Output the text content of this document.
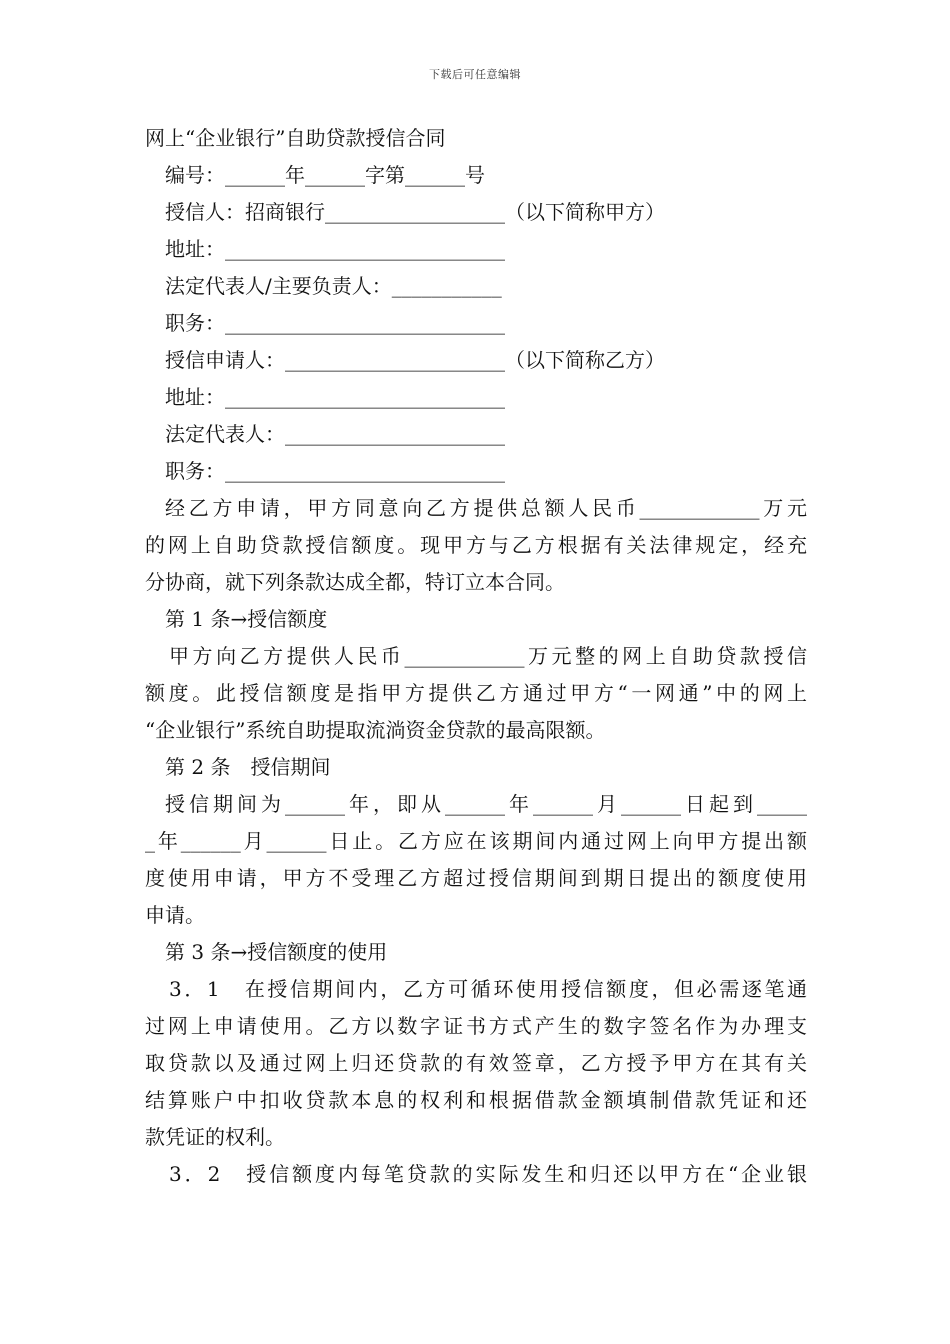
下载后可任意编辑
网上“企业银行”自助贷款授信合同
编号：______年______字第______号
授信人：招商银行__________________（以下简称甲方）
地址：____________________________
法定代表人/主要负责人：___________
职务：____________________________
授信申请人：______________________（以下简称乙方）
地址：____________________________
法定代表人：______________________
职务：____________________________
经乙方申请，甲方同意向乙方提供总额人民币____________万元
的网上自助贷款授信额度。现甲方与乙方根据有关法律规定，经充
分协商，就下列条款达成全都，特订立本合同。
第 1 条→授信额度
甲方向乙方提供人民币____________万元整的网上自助贷款授信
额度。此授信额度是指甲方提供乙方通过甲方“一网通”中的网上
“企业银行”系统自助提取流淌资金贷款的最高限额。
第 2 条　授信期间
授信期间为______年，即从______年______月______日起到_____
_年______月______日止。乙方应在该期间内通过网上向甲方提出额
度使用申请，甲方不受理乙方超过授信期间到期日提出的额度使用
申请。
第 3 条→授信额度的使用
3．1　在授信期间内，乙方可循环使用授信额度，但必需逐笔通
过网上申请使用。乙方以数字证书方式产生的数字签名作为办理支
取贷款以及通过网上归还贷款的有效签章，乙方授予甲方在其有关
结算账户中扣收贷款本息的权利和根据借款金额填制借款凭证和还
款凭证的权利。
3．2　授信额度内每笔贷款的实际发生和归还以甲方在“企业银
